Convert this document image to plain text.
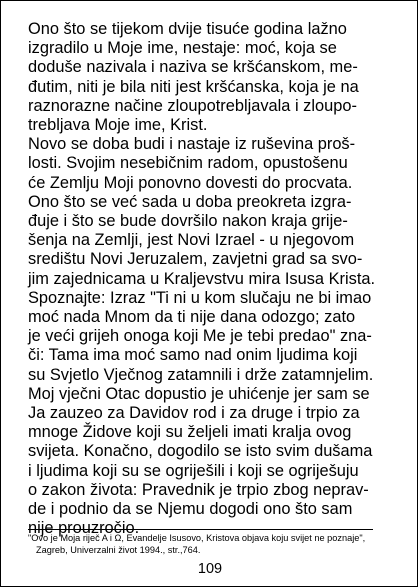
Ono što se tijekom dvije tisuće godina lažno
izgradilo u Moje ime, nestaje: moć, koja se
doduše nazivala i naziva se kršćanskom, me-
đutim, niti je bila niti jest kršćanska, koja je na
raznorazne načine zloupotrebljavala i zloupo-
trebljava Moje ime, Krist.
Novo se doba budi i nastaje iz ruševina proš-
losti. Svojim nesebičnim radom, opustošenu
će Zemlju Moji ponovno dovesti do procvata.
Ono što se već sada u doba preokreta izgra-
đuje i što se bude dovršilo nakon kraja grije-
šenja na Zemlji, jest Novi Izrael - u njegovom
središtu Novi Jeruzalem, zavjetni grad sa svo-
jim zajednicama u Kraljevstvu mira Isusa Krista.
Spoznajte: Izraz "Ti ni u kom slučaju ne bi imao
moć nada Mnom da ti nije dana odozgo; zato
je veći grijeh onoga koji Me je tebi predao" zna-
či: Tama ima moć samo nad onim ljudima koji
su Svjetlo Vječnog zatamnili i drže zatamnjelim.
Moj vječni Otac dopustio je uhićenje jer sam se
Ja zauzeo za Davidov rod i za druge i trpio za
mnoge Židove koji su željeli imati kralja ovog
svijeta. Konačno, dogodilo se isto svim dušama
i ljudima koji su se ogriješili i koji se ogriješuju
o zakon života: Pravednik je trpio zbog neprav-
de i podnio da se Njemu dogodi ono što sam
nije prouzročio.
"Ovo je Moja riječ A i Ω, Evandelje Isusovo, Kristova objava koju svijet ne poznaje",
Zagreb, Univerzalni život 1994., str.,764.
109
